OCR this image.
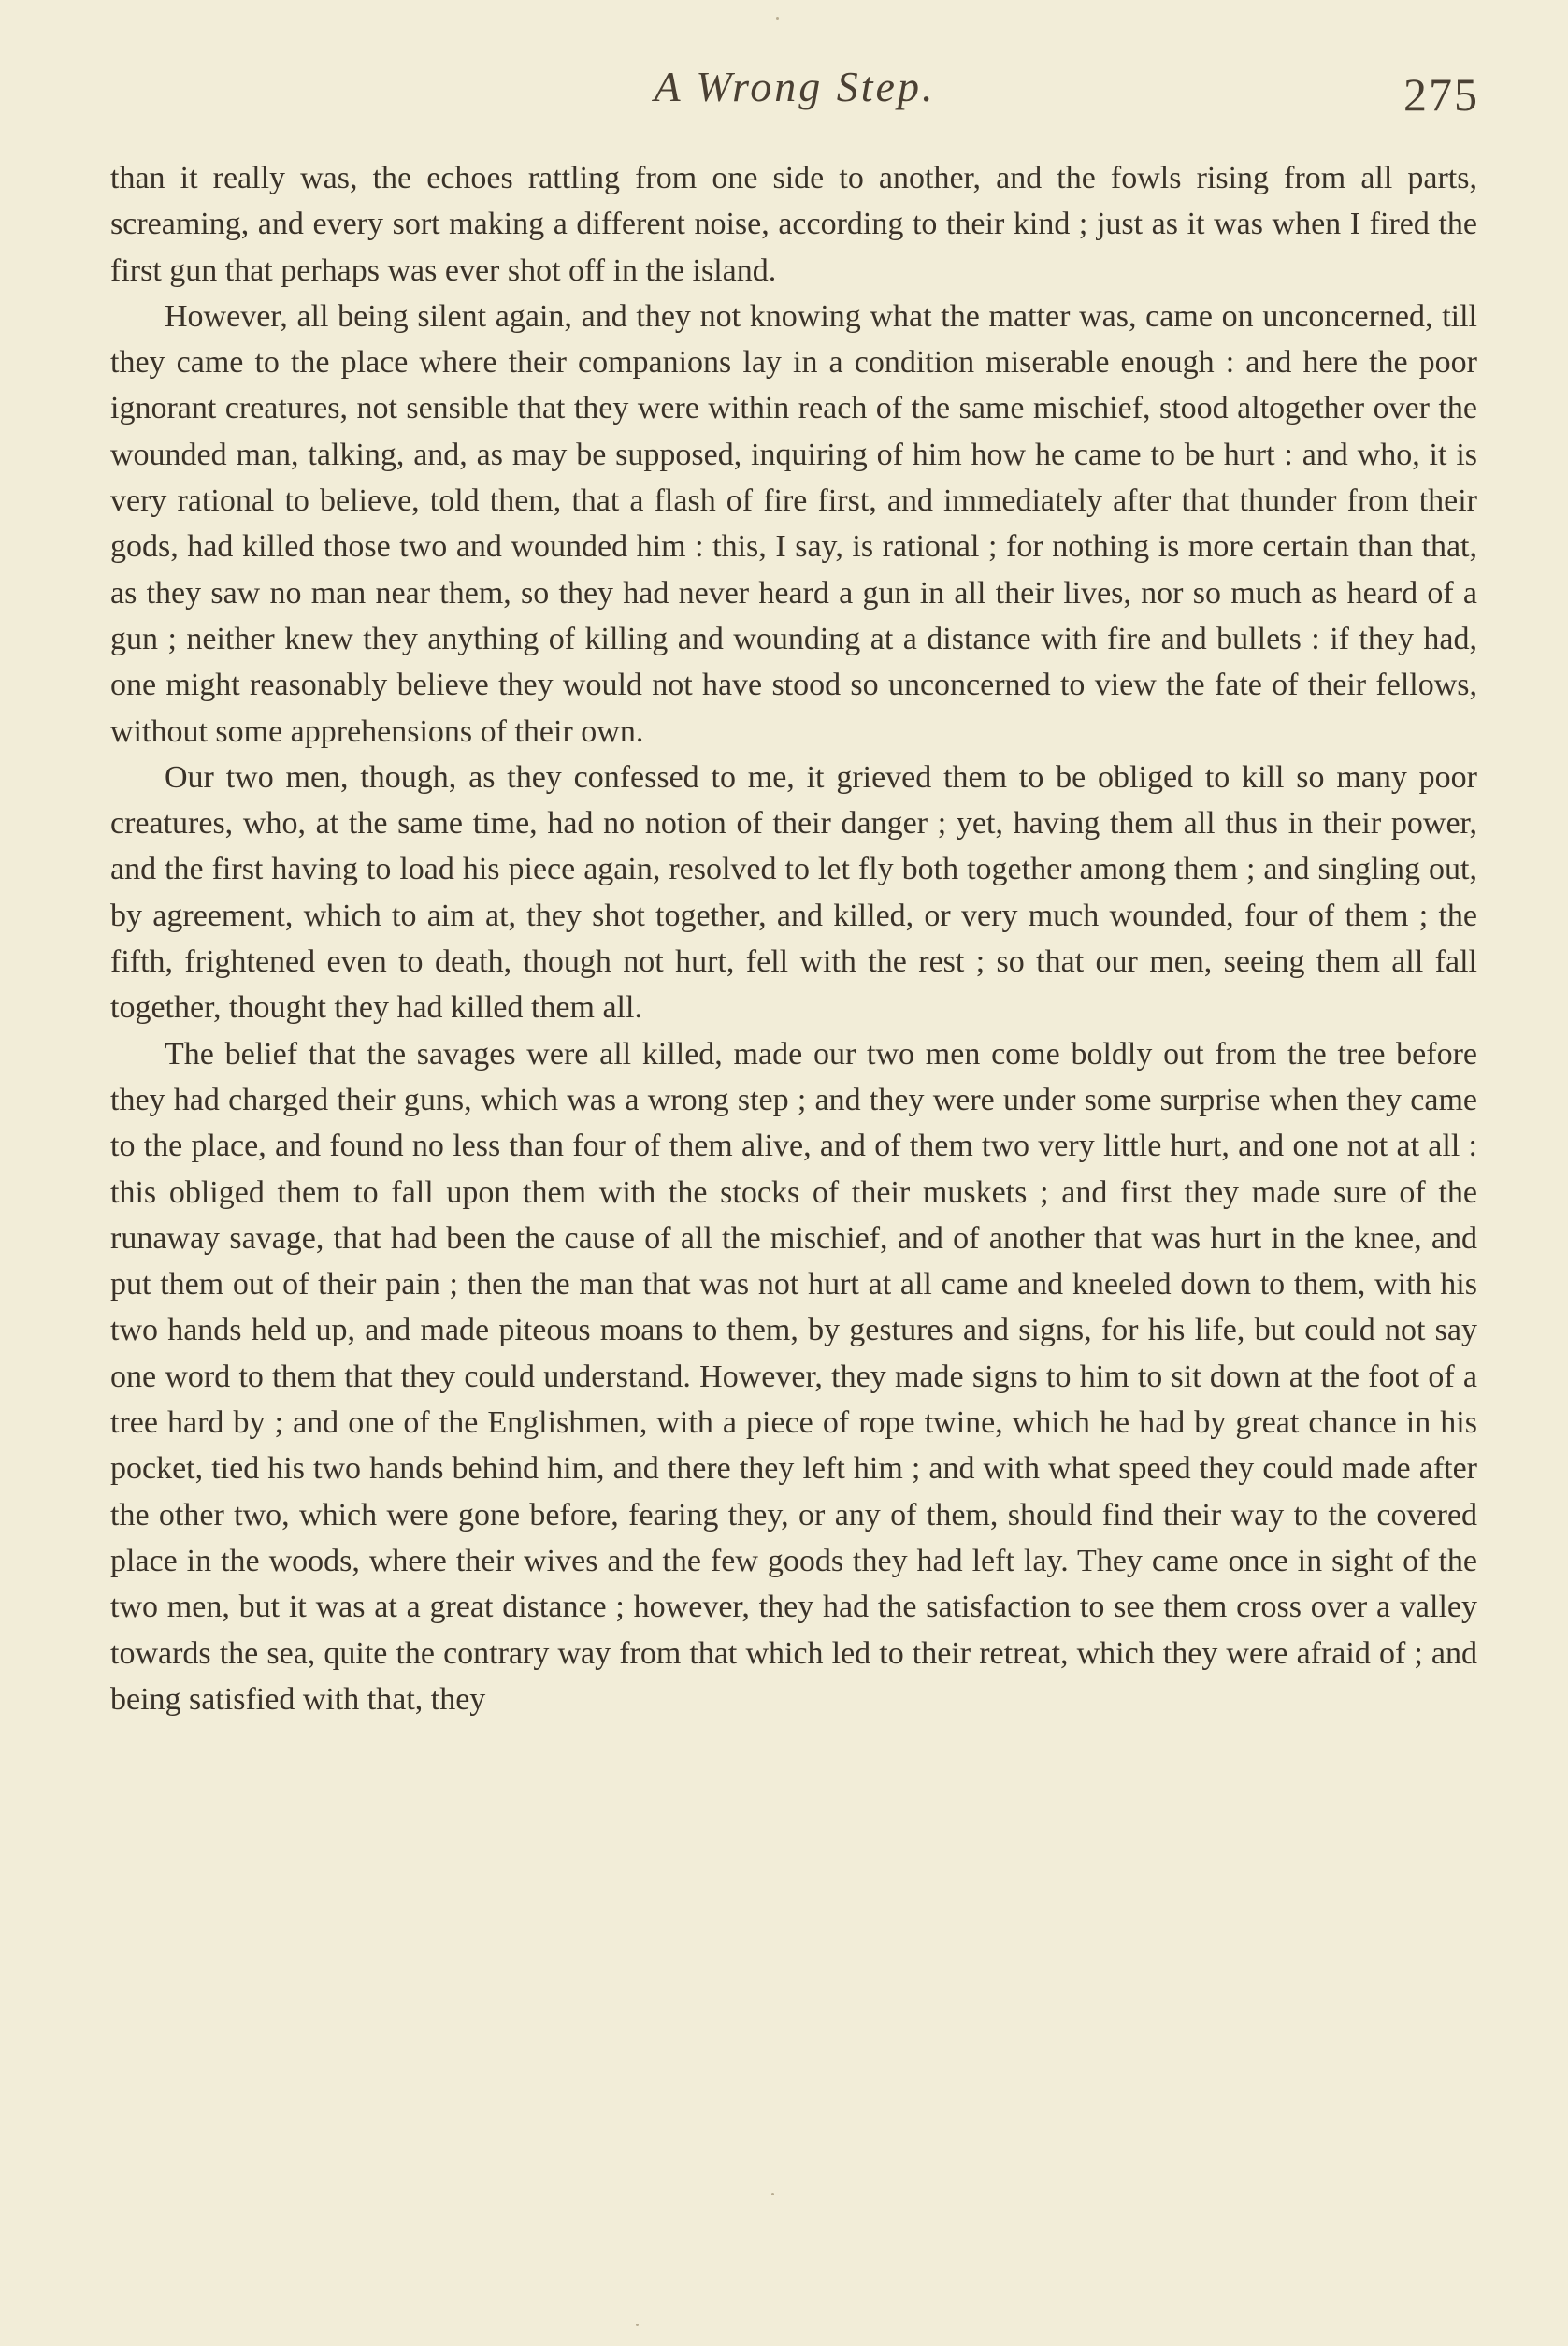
A Wrong Step.	275

than it really was, the echoes rattling from one side to another, and the fowls rising from all parts, screaming, and every sort making a different noise, according to their kind ; just as it was when I fired the first gun that perhaps was ever shot off in the island.

However, all being silent again, and they not knowing what the matter was, came on unconcerned, till they came to the place where their companions lay in a condition miserable enough : and here the poor ignorant creatures, not sensible that they were within reach of the same mischief, stood altogether over the wounded man, talking, and, as may be supposed, inquiring of him how he came to be hurt : and who, it is very rational to believe, told them, that a flash of fire first, and immediately after that thunder from their gods, had killed those two and wounded him : this, I say, is rational ; for nothing is more certain than that, as they saw no man near them, so they had never heard a gun in all their lives, nor so much as heard of a gun ; neither knew they anything of killing and wounding at a distance with fire and bullets : if they had, one might reasonably believe they would not have stood so unconcerned to view the fate of their fellows, without some apprehensions of their own.

Our two men, though, as they confessed to me, it grieved them to be obliged to kill so many poor creatures, who, at the same time, had no notion of their danger ; yet, having them all thus in their power, and the first having to load his piece again, resolved to let fly both together among them ; and singling out, by agreement, which to aim at, they shot together, and killed, or very much wounded, four of them ; the fifth, frightened even to death, though not hurt, fell with the rest ; so that our men, seeing them all fall together, thought they had killed them all.

The belief that the savages were all killed, made our two men come boldly out from the tree before they had charged their guns, which was a wrong step ; and they were under some surprise when they came to the place, and found no less than four of them alive, and of them two very little hurt, and one not at all : this obliged them to fall upon them with the stocks of their muskets ; and first they made sure of the runaway savage, that had been the cause of all the mischief, and of another that was hurt in the knee, and put them out of their pain ; then the man that was not hurt at all came and kneeled down to them, with his two hands held up, and made piteous moans to them, by gestures and signs, for his life, but could not say one word to them that they could understand. However, they made signs to him to sit down at the foot of a tree hard by ; and one of the Englishmen, with a piece of rope twine, which he had by great chance in his pocket, tied his two hands behind him, and there they left him ; and with what speed they could made after the other two, which were gone before, fearing they, or any of them, should find their way to the covered place in the woods, where their wives and the few goods they had left lay. They came once in sight of the two men, but it was at a great distance ; however, they had the satisfaction to see them cross over a valley towards the sea, quite the contrary way from that which led to their retreat, which they were afraid of ; and being satisfied with that, they
